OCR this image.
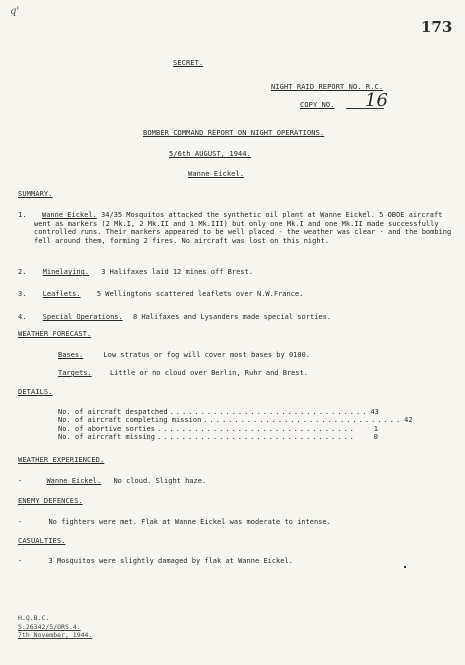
q'
173
SECRET.
NIGHT RAID REPORT NO. R.C.
COPY NO. 16
BOMBER COMMAND REPORT ON NIGHT OPERATIONS.
5/6th AUGUST, 1944.
Wanne Eickel.
SUMMARY.
1.	Wanne Eickel. 34/35 Mosquitos attacked the synthetic oil plant at Wanne Eickel. 5 OBOE aircraft went as markers (2 Mk.I, 2 Mk.II and 1 Mk.III) but only one Mk.I and one Mk.II made successfully controlled runs. Their markers appeared to be well placed - the weather was clear - and the bombing fell around them, forming 2 fires. No aircraft was lost on this night.
2. Minelaying. 3 Halifaxes laid 12 mines off Brest.
3. Leaflets. 5 Wellingtons scattered leaflets over N.W.France.
4. Special Operations. 8 Halifaxes and Lysanders made special sorties.
WEATHER FORECAST.
Bases.	Low stratus or fog will cover most bases by 0100.
Targets.	Little or no cloud over Berlin, Ruhr and Brest.
DETAILS.
No. of aircraft despatched ................................ 43
No. of aircraft completing mission ................................ 42
No. of abortive sorties ................................	1
No. of aircraft missing ................................	0
WEATHER EXPERIENCED.
-	Wanne Eickel. No cloud. Slight haze.
ENEMY DEFENCES.
-	No fighters were met. Flak at Wanne Eickel was moderate to intense.
CASUALTIES.
-	3 Mosquitos were slightly damaged by flak at Wanne Eickel.
H.Q.B.C.
S.26342/5/ORS.4.
7th November, 1944.
